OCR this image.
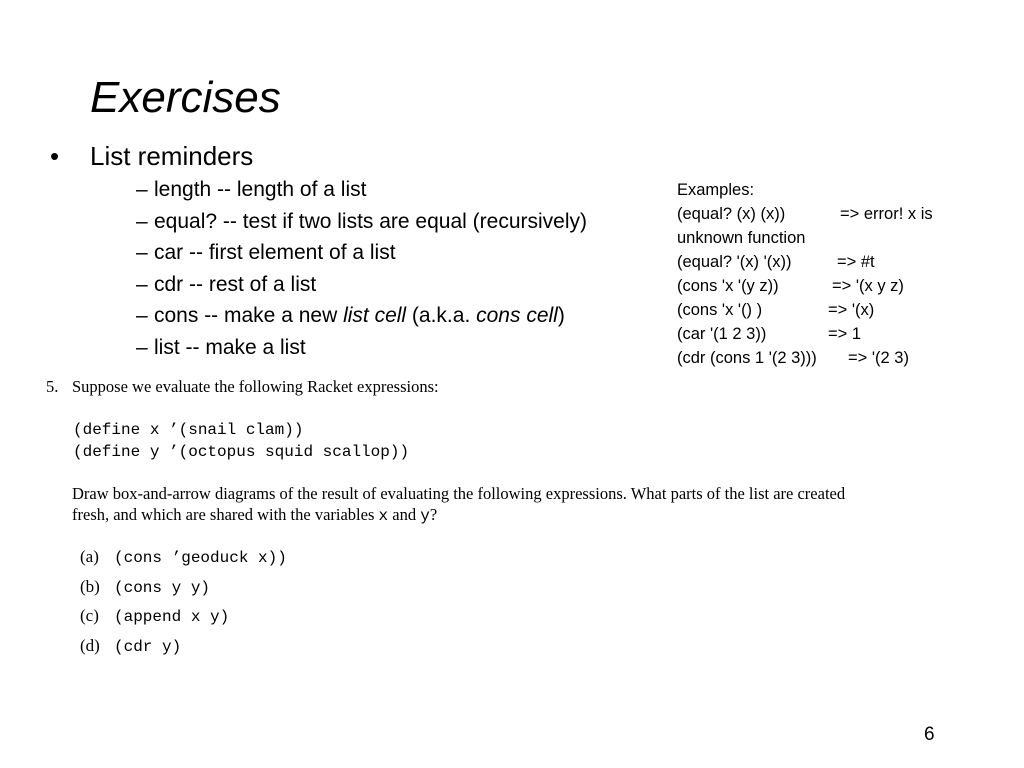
Exercises
• List reminders
– length -- length of a list
– equal? -- test if two lists are equal (recursively)
– car -- first element of a list
– cdr -- rest of a list
– cons -- make a new list cell (a.k.a. cons cell)
– list -- make a list
Examples:
(equal? (x) (x))	=> error! x is
unknown function
(equal? '(x) '(x))	=> #t
(cons 'x '(y z))	=> '(x y z)
(cons 'x '() )	=> '(x)
(car '(1 2 3))	=> 1
(cdr (cons 1 '(2 3))) => '(2 3)
5. Suppose we evaluate the following Racket expressions:
(define x ’(snail clam))
(define y ’(octopus squid scallop))
Draw box-and-arrow diagrams of the result of evaluating the following expressions. What parts of the list are created fresh, and which are shared with the variables x and y?
(a) (cons ’geoduck x))
(b) (cons y y)
(c) (append x y)
(d) (cdr y)
6
